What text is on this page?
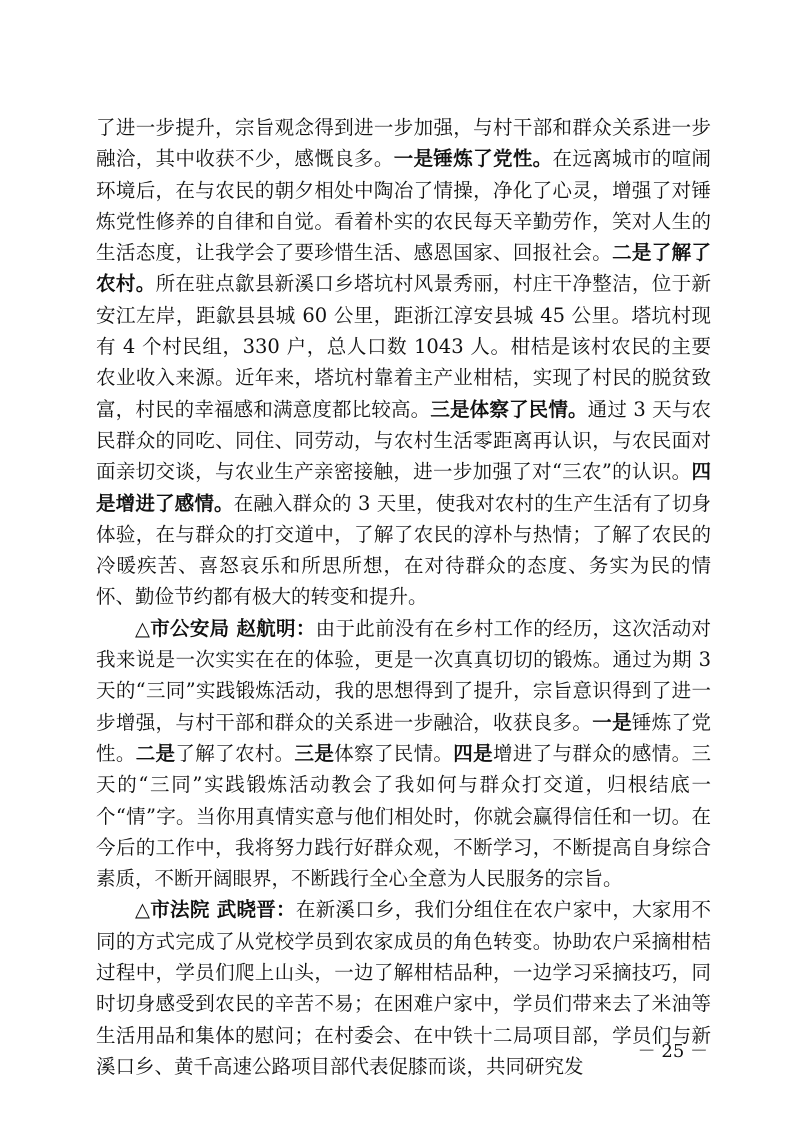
了进一步提升，宗旨观念得到进一步加强，与村干部和群众关系进一步融洽，其中收获不少，感慨良多。一是锤炼了党性。在远离城市的喧闹环境后，在与农民的朝夕相处中陶冶了情操，净化了心灵，增强了对锤炼党性修养的自律和自觉。看着朴实的农民每天辛勤劳作，笑对人生的生活态度，让我学会了要珍惜生活、感恩国家、回报社会。二是了解了农村。所在驻点歙县新溪口乡塔坑村风景秀丽，村庄干净整洁，位于新安江左岸，距歙县县城 60 公里，距浙江淳安县城 45 公里。塔坑村现有 4 个村民组，330 户，总人口数 1043 人。柑桔是该村农民的主要农业收入来源。近年来，塔坑村靠着主产业柑桔，实现了村民的脱贫致富，村民的幸福感和满意度都比较高。三是体察了民情。通过 3 天与农民群众的同吃、同住、同劳动，与农村生活零距离再认识，与农民面对面亲切交谈，与农业生产亲密接触，进一步加强了对“三农”的认识。四是增进了感情。在融入群众的 3 天里，使我对农村的生产生活有了切身体验，在与群众的打交道中，了解了农民的淳朴与热情；了解了农民的冷暖疾苦、喜怒哀乐和所思所想，在对待群众的态度、务实为民的情怀、勤俭节约都有极大的转变和提升。

△市公安局 赵航明：由于此前没有在乡村工作的经历，这次活动对我来说是一次实实在在的体验，更是一次真真切切的锻炼。通过为期 3 天的“三同”实践锻炼活动，我的思想得到了提升，宗旨意识得到了进一步增强，与村干部和群众的关系进一步融洽，收获良多。一是锤炼了党性。二是了解了农村。三是体察了民情。四是增进了与群众的感情。三天的“三同”实践锻炼活动教会了我如何与群众打交道，归根结底一个“情”字。当你用真情实意与他们相处时，你就会赢得信任和一切。在今后的工作中，我将努力践行好群众观，不断学习，不断提高自身综合素质，不断开阔眼界，不断践行全心全意为人民服务的宗旨。

△市法院 武晓晋：在新溪口乡，我们分组住在农户家中，大家用不同的方式完成了从党校学员到农家成员的角色转变。协助农户采摘柑桔过程中，学员们爬上山头，一边了解柑桔品种，一边学习采摘技巧，同时切身感受到农民的辛苦不易；在困难户家中，学员们带来去了米油等生活用品和集体的慰问；在村委会、在中铁十二局项目部，学员们与新溪口乡、黄千高速公路项目部代表促膝而谈，共同研究发

－ 25 －
